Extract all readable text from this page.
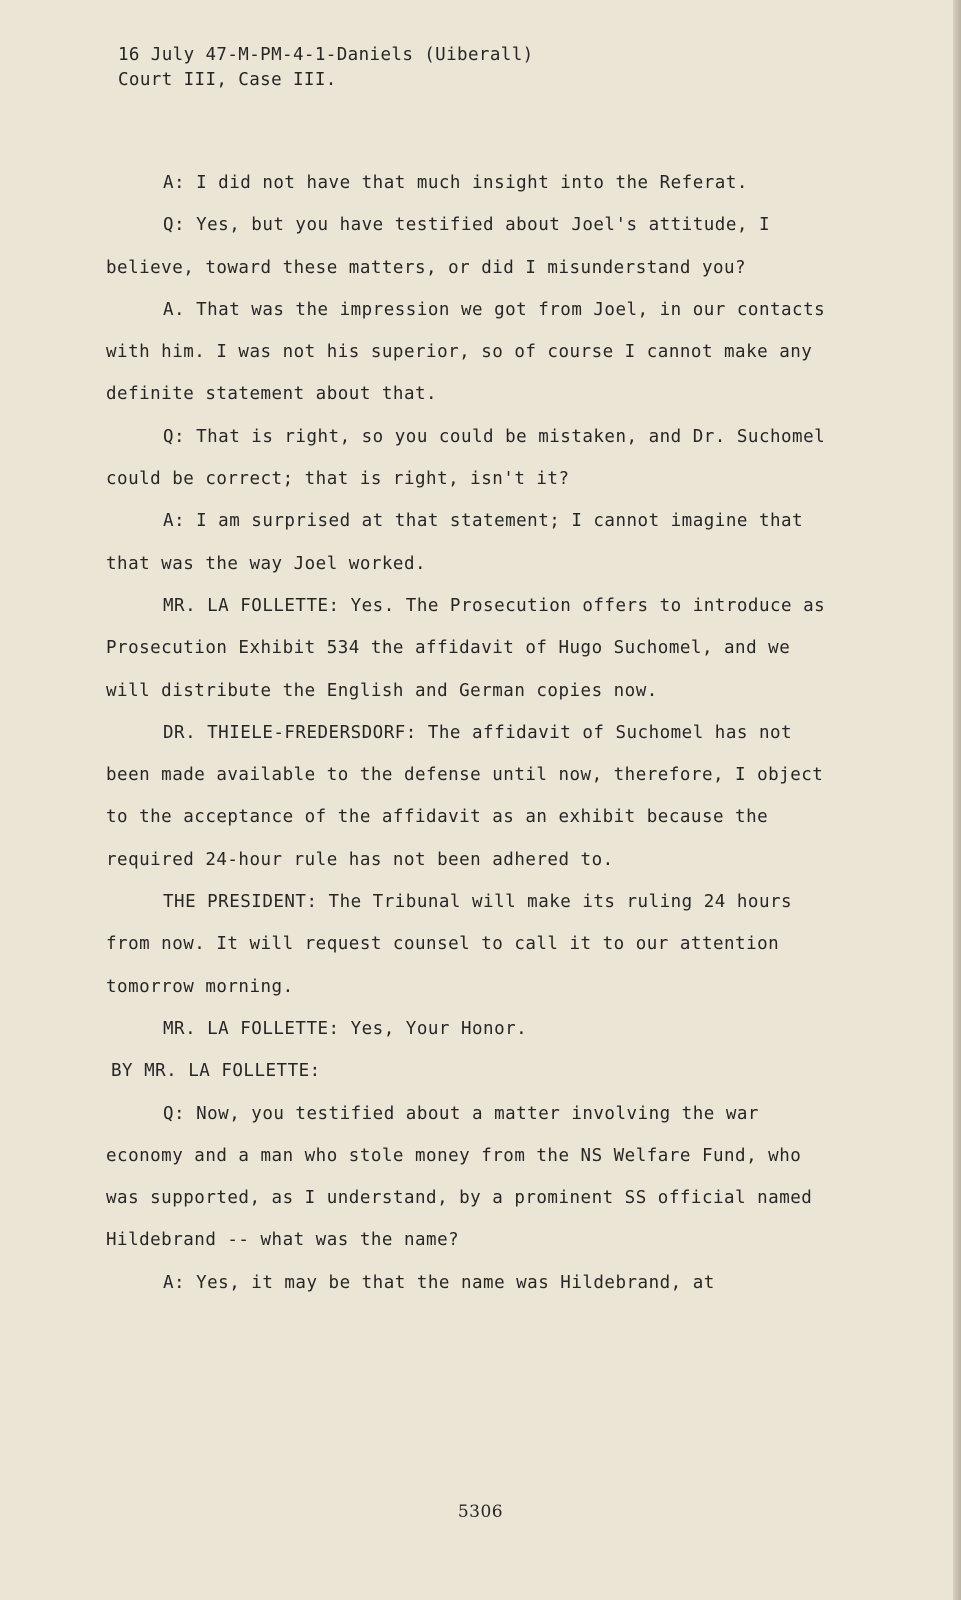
16 July 47-M-PM-4-1-Daniels (Uiberall)
Court III, Case III.

A: I did not have that much insight into the Referat.

Q: Yes, but you have testified about Joel's attitude, I believe, toward these matters, or did I misunderstand you?

A. That was the impression we got from Joel, in our contacts with him. I was not his superior, so of course I cannot make any definite statement about that.

Q: That is right, so you could be mistaken, and Dr. Suchomel could be correct; that is right, isn't it?

A: I am surprised at that statement; I cannot imagine that that was the way Joel worked.

MR. LA FOLLETTE: Yes. The Prosecution offers to introduce as Prosecution Exhibit 534 the affidavit of Hugo Suchomel, and we will distribute the English and German copies now.

DR. THIELE-FREDERSDORF: The affidavit of Suchomel has not been made available to the defense until now, therefore, I object to the acceptance of the affidavit as an exhibit because the required 24-hour rule has not been adhered to.

THE PRESIDENT: The Tribunal will make its ruling 24 hours from now. It will request counsel to call it to our attention tomorrow morning.

MR. LA FOLLETTE: Yes, Your Honor.

BY MR. LA FOLLETTE:

Q: Now, you testified about a matter involving the war economy and a man who stole money from the NS Welfare Fund, who was supported, as I understand, by a prominent SS official named Hildebrand -- what was the name?

A: Yes, it may be that the name was Hildebrand, at

5306
